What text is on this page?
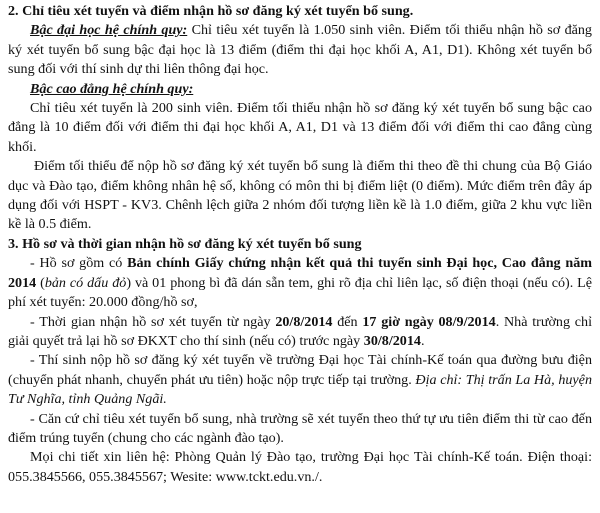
2. Chỉ tiêu xét tuyển và điểm nhận hồ sơ đăng ký xét tuyển bổ sung.

Bậc đại học hệ chính quy: Chỉ tiêu xét tuyển là 1.050 sinh viên. Điểm tối thiểu nhận hồ sơ đăng ký xét tuyển bổ sung bậc đại học là 13 điểm (điểm thi đại học khối A, A1, D1). Không xét tuyển bổ sung đối với thí sinh dự thi liên thông đại học.

Bậc cao đẳng hệ chính quy:

Chỉ tiêu xét tuyển là 200 sinh viên. Điểm tối thiểu nhận hồ sơ đăng ký xét tuyển bổ sung bậc cao đẳng là 10 điểm đối với điểm thi đại học khối A, A1, D1 và 13 điểm đối với điểm thi cao đẳng cùng khối.

Điểm tối thiểu để nộp hồ sơ đăng ký xét tuyển bổ sung là điểm thi theo đề thi chung của Bộ Giáo dục và Đào tạo, điểm không nhân hệ số, không có môn thi bị điểm liệt (0 điểm). Mức điểm trên đây áp dụng đối với HSPT - KV3. Chênh lệch giữa 2 nhóm đối tượng liền kề là 1.0 điểm, giữa 2 khu vực liền kề là 0.5 điểm.

3. Hồ sơ và thời gian nhận hồ sơ đăng ký xét tuyển bổ sung

- Hồ sơ gồm có Bản chính Giấy chứng nhận kết quả thi tuyển sinh Đại học, Cao đẳng năm 2014 (bản có dấu đỏ) và 01 phong bì đã dán sẵn tem, ghi rõ địa chỉ liên lạc, số điện thoại (nếu có). Lệ phí xét tuyển: 20.000 đồng/hồ sơ,

- Thời gian nhận hồ sơ xét tuyển từ ngày 20/8/2014 đến 17 giờ ngày 08/9/2014. Nhà trường chỉ giải quyết trả lại hồ sơ ĐKXT cho thí sinh (nếu có) trước ngày 30/8/2014.

- Thí sinh nộp hồ sơ đăng ký xét tuyển về trường Đại học Tài chính-Kế toán qua đường bưu điện (chuyển phát nhanh, chuyển phát ưu tiên) hoặc nộp trực tiếp tại trường. Địa chỉ: Thị trấn La Hà, huyện Tư Nghĩa, tỉnh Quảng Ngãi.

- Căn cứ chỉ tiêu xét tuyển bổ sung, nhà trường sẽ xét tuyển theo thứ tự ưu tiên điểm thi từ cao đến điểm trúng tuyển (chung cho các ngành đào tạo).

Mọi chi tiết xin liên hệ: Phòng Quản lý Đào tạo, trường Đại học Tài chính-Kế toán. Điện thoại: 055.3845566, 055.3845567; Wesite: www.tckt.edu.vn./.
